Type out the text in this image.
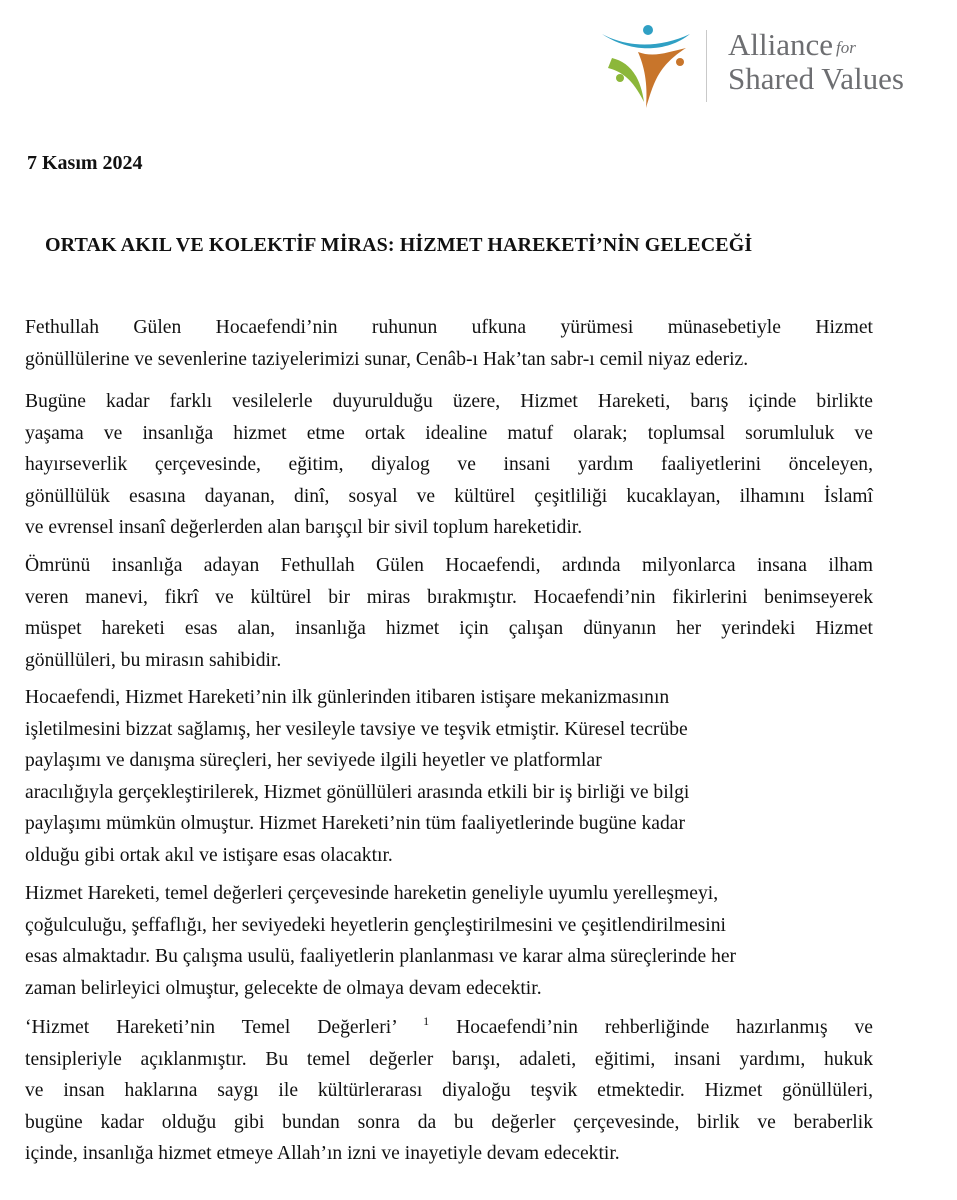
Alliance for
Shared Values
7 Kasım 2024
ORTAK AKIL VE KOLEKTİF MİRAS: HİZMET HAREKETİ’NİN GELECEĞİ
Fethullah Gülen Hocaefendi’nin ruhunun ufkuna yürümesi münasebetiyle Hizmet
gönüllülerine ve sevenlerine taziyelerimizi sunar, Cenâb-ı Hak’tan sabr-ı cemil niyaz ederiz.
Bugüne kadar farklı vesilelerle duyurulduğu üzere, Hizmet Hareketi, barış içinde birlikte
yaşama ve insanlığa hizmet etme ortak idealine matuf olarak; toplumsal sorumluluk ve
hayırseverlik çerçevesinde, eğitim, diyalog ve insani yardım faaliyetlerini önceleyen,
gönüllülük esasına dayanan, dinî, sosyal ve kültürel çeşitliliği kucaklayan, ilhamını İslamî
ve evrensel insanî değerlerden alan barışçıl bir sivil toplum hareketidir.
Ömrünü insanlığa adayan Fethullah Gülen Hocaefendi, ardında milyonlarca insana ilham
veren manevi, fikrî ve kültürel bir miras bırakmıştır. Hocaefendi’nin fikirlerini benimseyerek
müspet hareketi esas alan, insanlığa hizmet için çalışan dünyanın her yerindeki Hizmet
gönüllüleri, bu mirasın sahibidir.
Hocaefendi, Hizmet Hareketi’nin ilk günlerinden itibaren istişare mekanizmasının
işletilmesini bizzat sağlamış, her vesileyle tavsiye ve teşvik etmiştir. Küresel tecrübe
paylaşımı ve danışma süreçleri, her seviyede ilgili heyetler ve platformlar
aracılığıyla gerçekleştirilerek, Hizmet gönüllüleri arasında etkili bir iş birliği ve bilgi
paylaşımı mümkün olmuştur. Hizmet Hareketi’nin tüm faaliyetlerinde bugüne kadar
olduğu gibi ortak akıl ve istişare esas olacaktır.
Hizmet Hareketi, temel değerleri çerçevesinde hareketin geneliyle uyumlu yerelleşmeyi,
çoğulculuğu, şeffaflığı, her seviyedeki heyetlerin gençleştirilmesini ve çeşitlendirilmesini
esas almaktadır. Bu çalışma usulü, faaliyetlerin planlanması ve karar alma süreçlerinde her
zaman belirleyici olmuştur, gelecekte de olmaya devam edecektir.
‘Hizmet Hareketi’nin Temel Değerleri’ $^1$ Hocaefendi’nin rehberliğinde hazırlanmış ve
tensipleriyle açıklanmıştır. Bu temel değerler barışı, adaleti, eğitimi, insani yardımı, hukuk
ve insan haklarına saygı ile kültürlerarası diyaloğu teşvik etmektedir. Hizmet gönüllüleri,
bugüne kadar olduğu gibi bundan sonra da bu değerler çerçevesinde, birlik ve beraberlik
içinde, insanlığa hizmet etmeye Allah’ın izni ve inayetiyle devam edecektir.
